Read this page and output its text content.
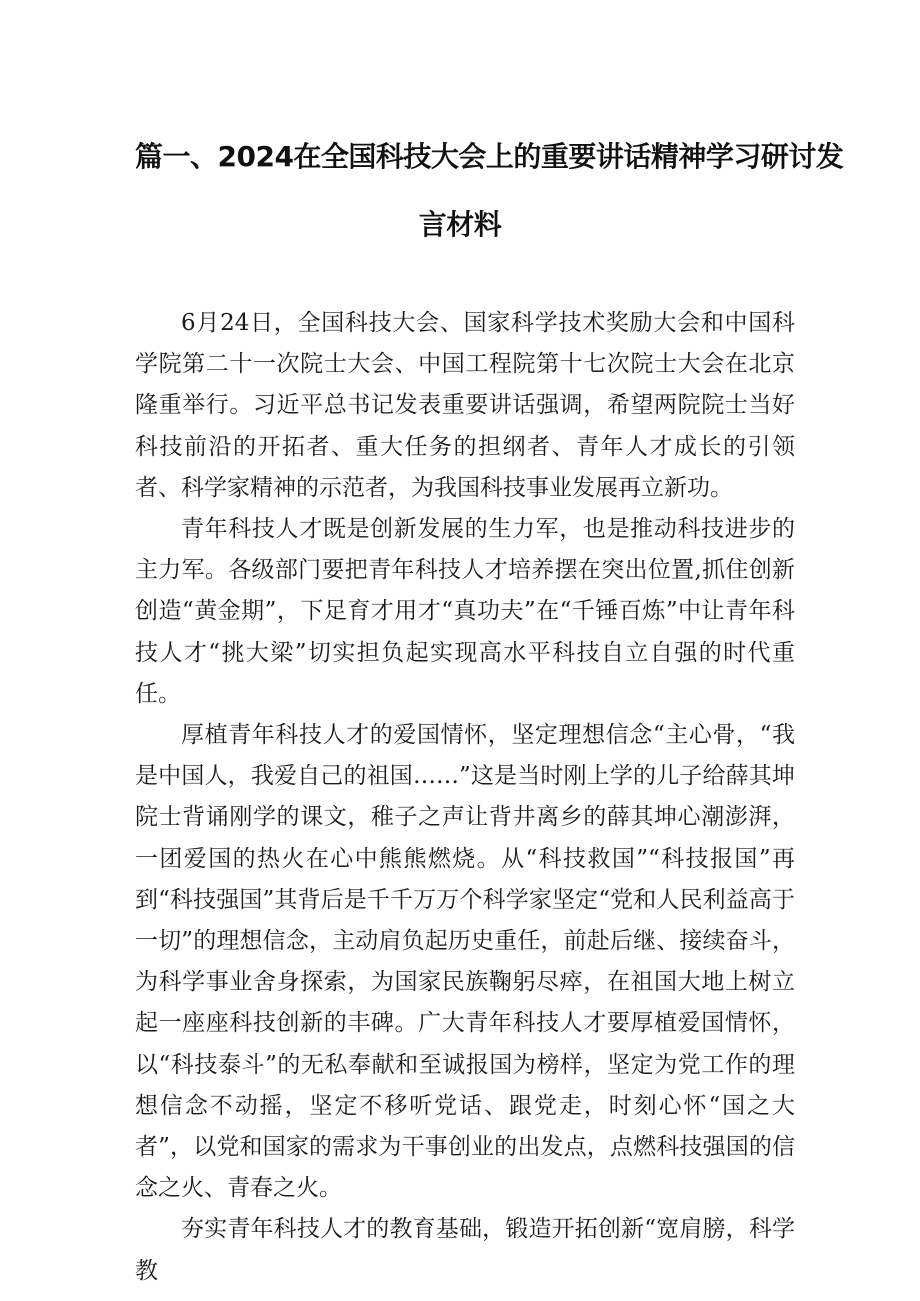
篇一、2024在全国科技大会上的重要讲话精神学习研讨发
言材料

6月24日，全国科技大会、国家科学技术奖励大会和中国科学院第二十一次院士大会、中国工程院第十七次院士大会在北京隆重举行。习近平总书记发表重要讲话强调，希望两院院士当好科技前沿的开拓者、重大任务的担纲者、青年人才成长的引领者、科学家精神的示范者，为我国科技事业发展再立新功。

青年科技人才既是创新发展的生力军，也是推动科技进步的主力军。各级部门要把青年科技人才培养摆在突出位置,抓住创新创造“黄金期”，下足育才用才“真功夫”在“千锤百炼”中让青年科技人才“挑大梁”切实担负起实现高水平科技自立自强的时代重任。

厚植青年科技人才的爱国情怀，坚定理想信念“主心骨，“我是中国人，我爱自己的祖国……”这是当时刚上学的儿子给薛其坤院士背诵刚学的课文，稚子之声让背井离乡的薛其坤心潮澎湃，一团爱国的热火在心中熊熊燃烧。从“科技救国”“科技报国”再到“科技强国”其背后是千千万万个科学家坚定“党和人民利益高于一切”的理想信念，主动肩负起历史重任，前赴后继、接续奋斗，为科学事业舍身探索，为国家民族鞠躬尽瘁，在祖国大地上树立起一座座科技创新的丰碑。广大青年科技人才要厚植爱国情怀，以“科技泰斗”的无私奉献和至诚报国为榜样，坚定为党工作的理想信念不动摇，坚定不移听党话、跟党走，时刻心怀“国之大者”，以党和国家的需求为干事创业的出发点，点燃科技强国的信念之火、青春之火。

夯实青年科技人才的教育基础，锻造开拓创新“宽肩膀，科学教
